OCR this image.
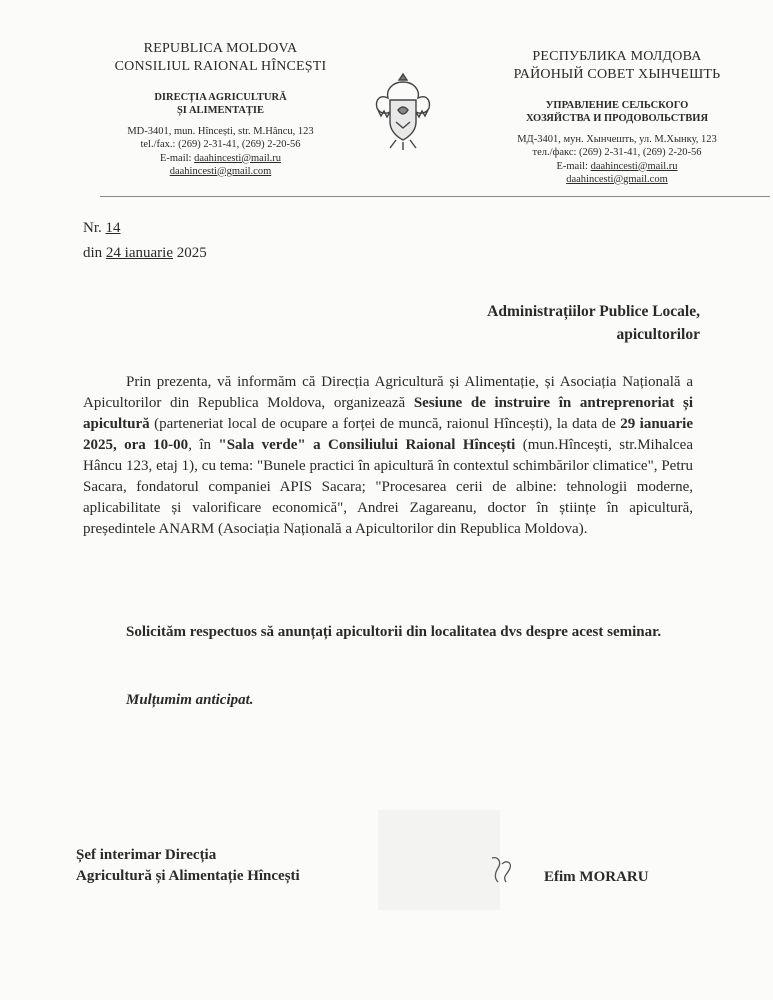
REPUBLICA MOLDOVA
CONSILIUL RAIONAL HÎNCEȘTI
DIRECȚIA AGRICULTURĂ
ȘI ALIMENTAȚIE
MD-3401, mun. Hîncești, str. M.Hâncu, 123
tel./fax.: (269) 2-31-41, (269) 2-20-56
E-mail: daahincesti@mail.ru
daahincesti@gmail.com
РЕСПУБЛИКА МОЛДОВА
РАЙОНЫЙ СОВЕТ ХЫНЧЕШТЬ
УПРАВЛЕНИЕ СЕЛЬСКОГО
ХОЗЯЙСТВА И ПРОДОВОЛЬСТВИЯ
МД-3401, мун. Хынчешть, ул. М.Хынку, 123
тел./факс: (269) 2-31-41, (269) 2-20-56
E-mail: daahincesti@mail.ru
daahincesti@gmail.com
Nr. 14
din 24 ianuarie 2025
Administrațiilor Publice Locale,
apicultorilor

Prin prezenta, vă informăm că Direcția Agricultură și Alimentație, și Asociația Națională a Apicultorilor din Republica Moldova, organizează Sesiune de instruire în antreprenoriat și apicultură (parteneriat local de ocupare a forței de muncă, raionul Hîncești), la data de 29 ianuarie 2025, ora 10-00, în "Sala verde" a Consiliului Raional Hîncești (mun.Hîncești, str.Mihalcea Hâncu 123, etaj 1), cu tema: "Bunele practici în apicultură în contextul schimbărilor climatice", Petru Sacara, fondatorul companiei APIS Sacara; "Procesarea cerii de albine: tehnologii moderne, aplicabilitate și valorificare economică", Andrei Zagareanu, doctor în științe în apicultură, președintele ANARM (Asociația Națională a Apicultorilor din Republica Moldova).

Solicităm respectuos să anunțați apicultorii din localitatea dvs despre acest seminar.

Mulțumim anticipat.
Șef interimar Direcția
Agricultură și Alimentație Hîncești	Efim MORARU
